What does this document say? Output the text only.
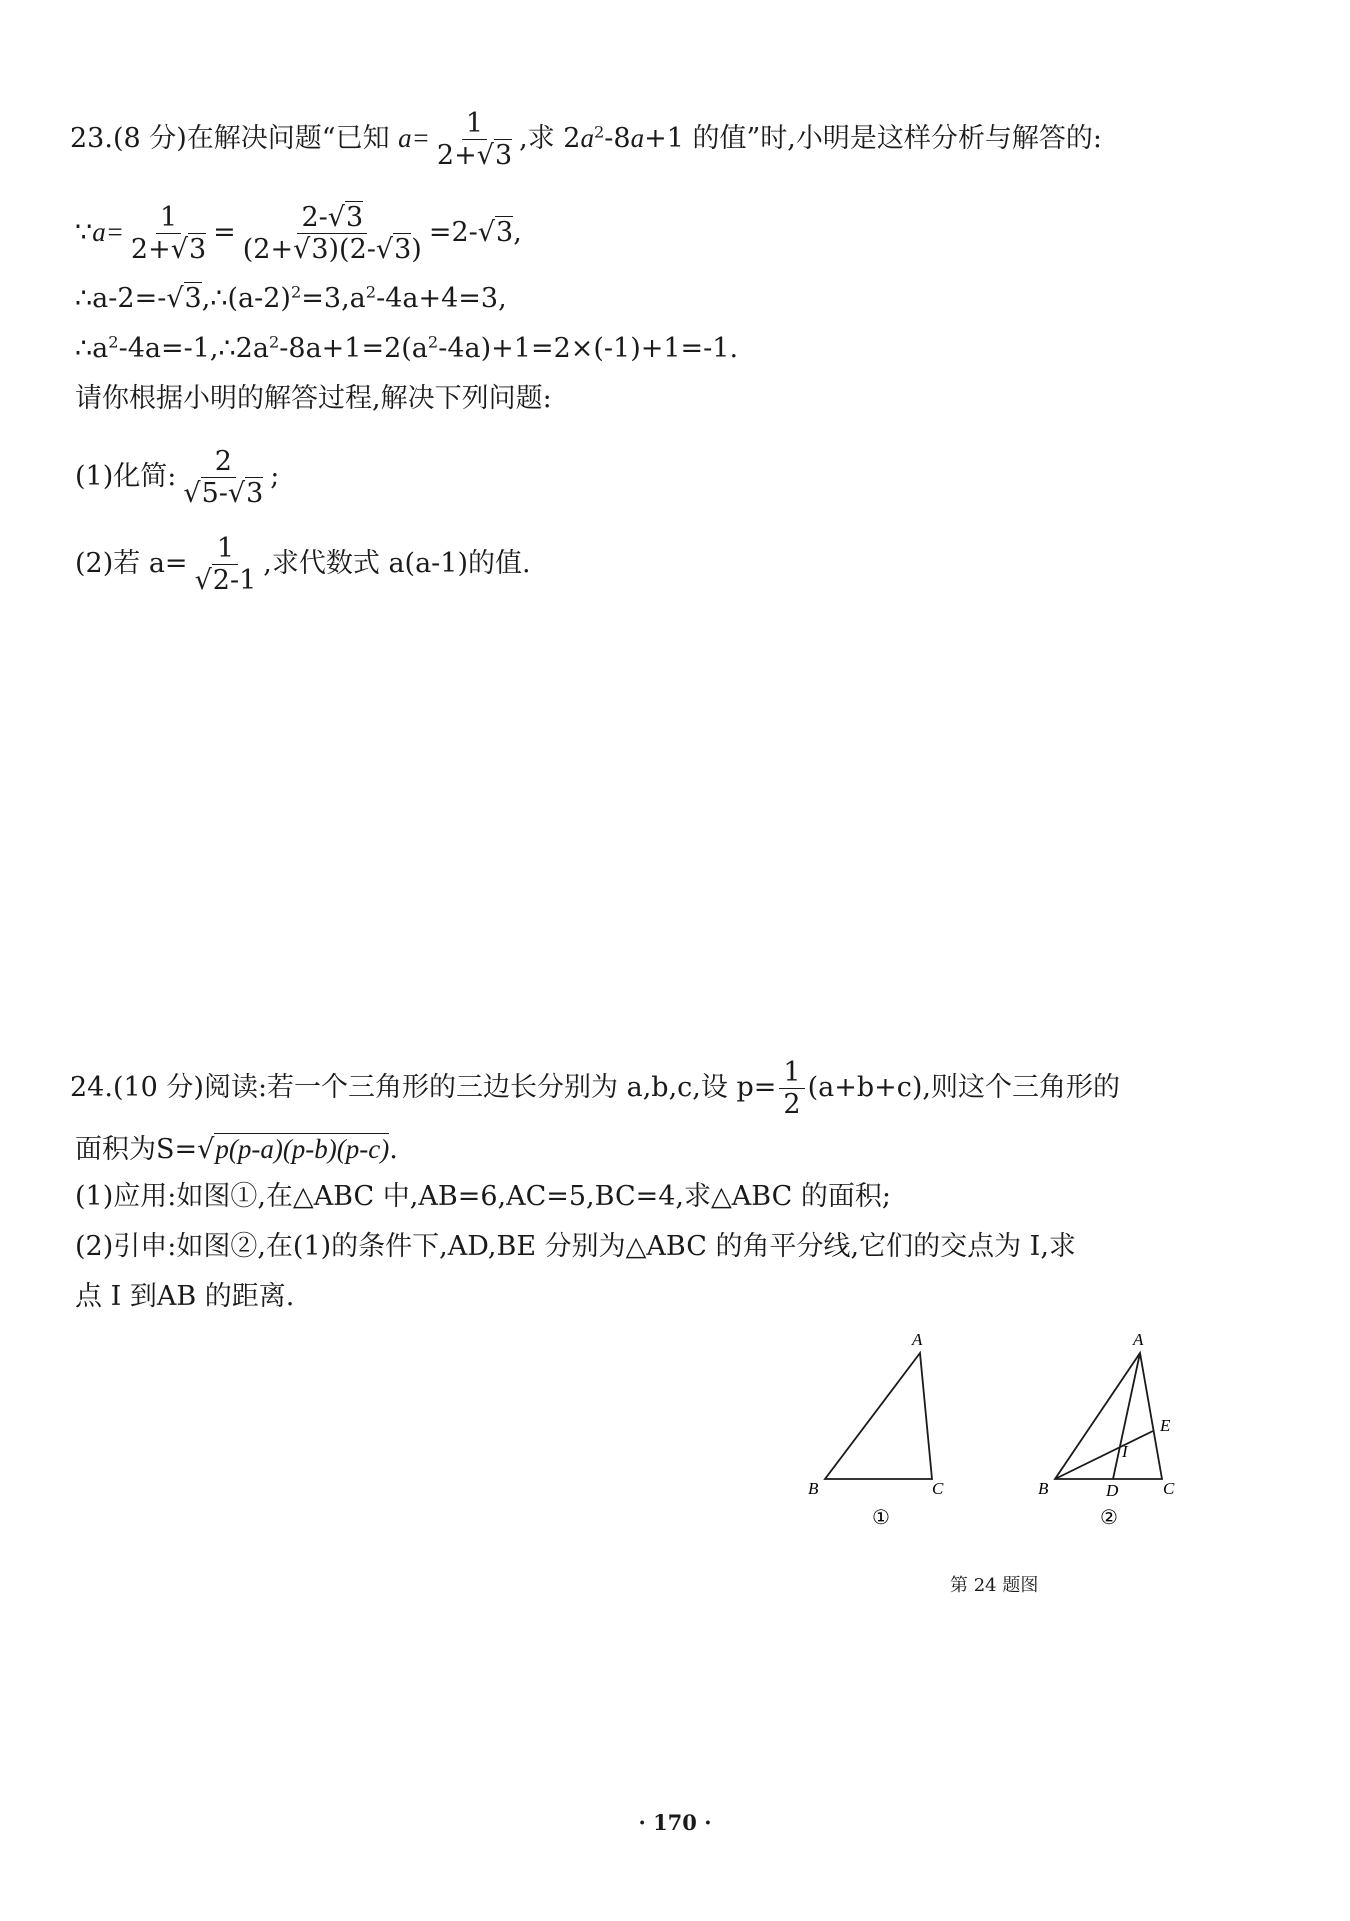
23.(8 分)在解决问题“已知 $a= \frac{1}{2+√3}$ ,求 $2a^2-8a+1$ 的值”时,小明是这样分析与解答的:
∵a= $\frac{1}{2+√3} = \frac{2-√3}{(2+√3)(2-√3)} =2-√3$,
$\therefore a-2=-√3,\therefore(a-2)^2=3,a^2-4a+4=3$,
$\therefore a^2-4a=-1,\therefore 2a^2-8a+1=2(a^2-4a)+1=2\times(-1)+1=-1$.
请你根据小明的解答过程,解决下列问题:
(1)化简: $\frac{2}{√5-√3}$ ;
(2)若 $a= \frac{1}{√2-1}$ ,求代数式 a(a-1)的值.
24.(10 分)阅读:若一个三角形的三边长分别为 a,b,c,设 $p= \frac{1}{2} (a+b+c)$,则这个三角形的
面积为S=√p(p-a)(p-b)(p-c).
(1)应用:如图①,在△ABC 中,AB=6,AC=5,BC=4,求△ABC 的面积;
(2)引申:如图②,在(1)的条件下,AD,BE 分别为△ABC 的角平分线,它们的交点为 I,求
点 I 到AB 的距离.
A
B	C
①
A
B	C
D
E
I
②
第 24 题图
· 170 ·
